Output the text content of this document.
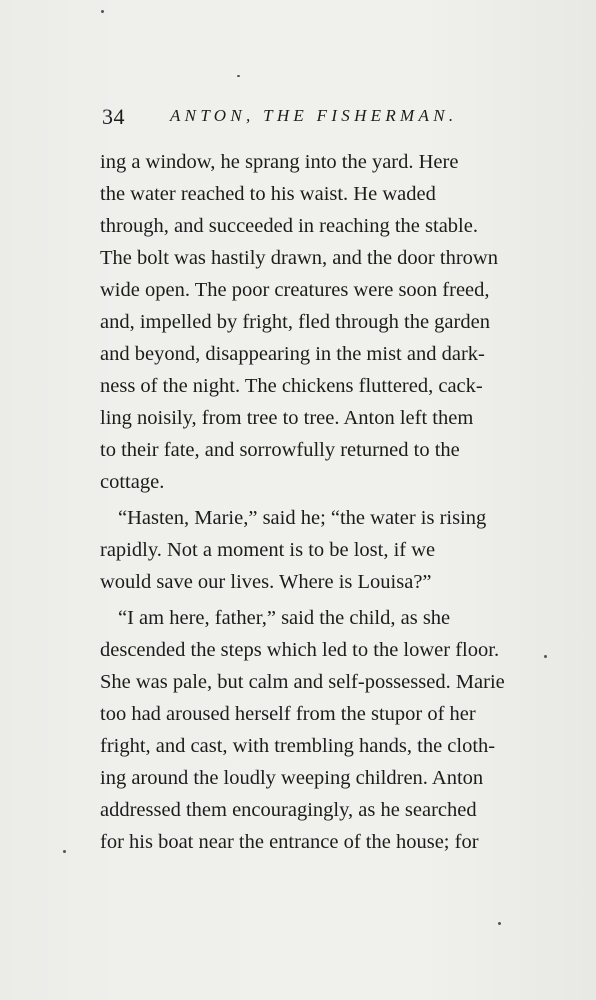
34	ANTON, THE FISHERMAN.
ing a window, he sprang into the yard. Here
the water reached to his waist. He waded
through, and succeeded in reaching the stable.
The bolt was hastily drawn, and the door thrown
wide open. The poor creatures were soon freed,
and, impelled by fright, fled through the garden
and beyond, disappearing in the mist and dark-
ness of the night. The chickens fluttered, cack-
ling noisily, from tree to tree. Anton left them
to their fate, and sorrowfully returned to the
cottage.
“Hasten, Marie,” said he; “the water is rising
rapidly. Not a moment is to be lost, if we
would save our lives. Where is Louisa?”
“I am here, father,” said the child, as she
descended the steps which led to the lower floor.
She was pale, but calm and self-possessed. Marie
too had aroused herself from the stupor of her
fright, and cast, with trembling hands, the cloth-
ing around the loudly weeping children. Anton
addressed them encouragingly, as he searched
for his boat near the entrance of the house; for
